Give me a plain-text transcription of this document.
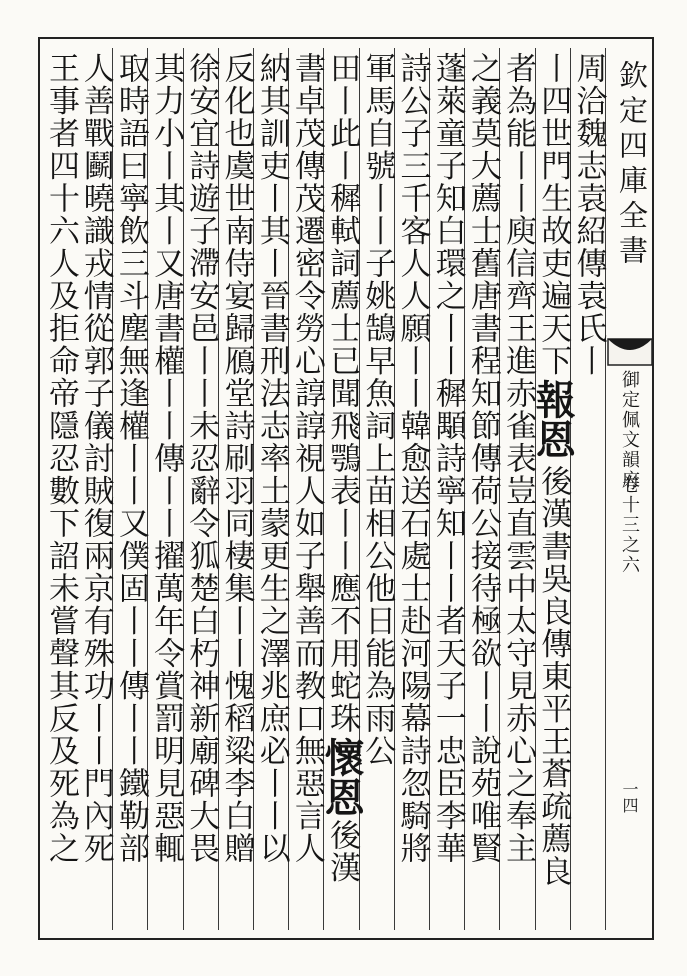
欽定四庫全書
御定佩文韻府
卷十三之六
一四
周洽魏志袁紹傳袁氏丨
丨四世門生故吏遍天下
報恩
後漢書吳良傳東平王蒼疏薦良
者為能丨丨庾信齊王進赤雀表豈直雲中太守見赤心之奉主
之義莫大薦士舊唐書程知節傳荷公接待極欲丨丨說苑唯賢
蓬萊童子知白環之丨丨穉顒詩寧知丨丨者天子一忠臣李華
詩公子三千客人人願丨丨韓愈送石處士赴河陽幕詩忽騎將
軍馬自號丨丨子姚鵠早魚詞上苗相公他日能為雨公
田丨此丨穉軾詞薦士已聞飛鶚表丨丨應不用蛇珠
懷恩
後漢
書卓茂傳茂遷密令勞心諄諄視人如子舉善而教口無惡言人
納其訓吏丨其丨晉書刑法志率土蒙更生之澤兆庶必丨丨以
反化也虞世南侍宴歸鴈堂詩刷羽同棲集丨丨愧稻粱李白贈
徐安宜詩遊子滯安邑丨丨未忍辭令狐楚白朽神新廟碑大畏
其力小丨其丨又唐書權丨丨傳丨丨擢萬年令賞罰明見惡輒
取時語曰寧飲三斗塵無逢權丨丨又僕固丨丨傳丨丨鐵勒部
人善戰鬬曉識戎情從郭子儀討賊復兩京有殊功丨丨門內死
王事者四十六人及拒命帝隱忍數下詔未嘗聲其反及死為之
